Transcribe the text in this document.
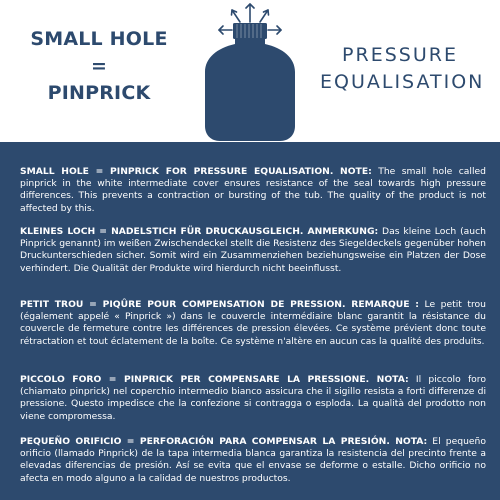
SMALL HOLE
=
PINPRICK
PRESSURE
EQUALISATION

SMALL HOLE = PINPRICK FOR PRESSURE EQUALISATION. NOTE: The small hole called pinprick in the white intermediate cover ensures resistance of the seal towards high pressure differences. This prevents a contraction or bursting of the tub. The quality of the product is not affected by this.

KLEINES LOCH = NADELSTICH FÜR DRUCKAUSGLEICH. ANMERKUNG: Das kleine Loch (auch Pinprick genannt) im weißen Zwischendeckel stellt die Resistenz des Siegeldeckels gegenüber hohen Druckunterschieden sicher. Somit wird ein Zusammenziehen beziehungsweise ein Platzen der Dose verhindert. Die Qualität der Produkte wird hierdurch nicht beeinflusst.

PETIT TROU = PIQÛRE POUR COMPENSATION DE PRESSION. REMARQUE : Le petit trou (également appelé « Pinprick ») dans le couvercle intermédiaire blanc garantit la résistance du couvercle de fermeture contre les différences de pression élevées. Ce système prévient donc toute rétractation et tout éclatement de la boîte. Ce système n'altère en aucun cas la qualité des produits.

PICCOLO FORO = PINPRICK PER COMPENSARE LA PRESSIONE. NOTA: Il piccolo foro (chiamato pinprick) nel coperchio intermedio bianco assicura che il sigillo resista a forti differenze di pressione. Questo impedisce che la confezione si contragga o esploda. La qualità del prodotto non viene compromessa.

PEQUEÑO ORIFICIO = PERFORACIÓN PARA COMPENSAR LA PRESIÓN. NOTA: El pequeño orificio (llamado Pinprick) de la tapa intermedia blanca garantiza la resistencia del precinto frente a elevadas diferencias de presión. Así se evita que el envase se deforme o estalle. Dicho orificio no afecta en modo alguno a la calidad de nuestros productos.
